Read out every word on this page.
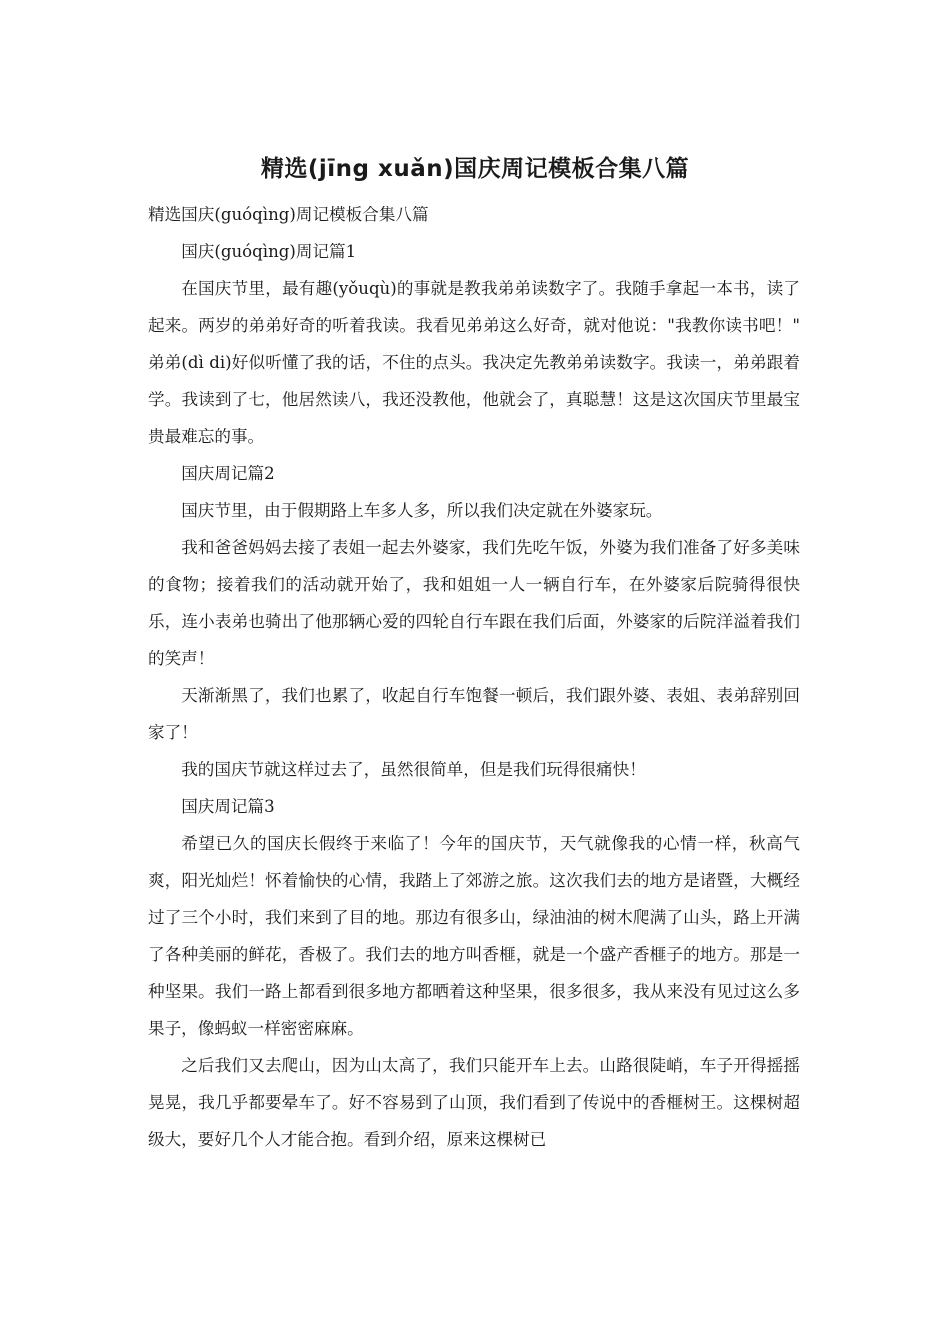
精选(jīng xuǎn)国庆周记模板合集八篇

精选国庆(guóqìng)周记模板合集八篇

国庆(guóqìng)周记篇1

在国庆节里，最有趣(yǒuqù)的事就是教我弟弟读数字了。我随手拿起一本书，读了起来。两岁的弟弟好奇的听着我读。我看见弟弟这么好奇，就对他说："我教你读书吧！" 弟弟(dì di)好似听懂了我的话，不住的点头。我决定先教弟弟读数字。我读一，弟弟跟着学。我读到了七，他居然读八，我还没教他，他就会了，真聪慧！这是这次国庆节里最宝贵最难忘的事。

国庆周记篇2

国庆节里，由于假期路上车多人多，所以我们决定就在外婆家玩。

我和爸爸妈妈去接了表姐一起去外婆家，我们先吃午饭，外婆为我们准备了好多美味的食物；接着我们的活动就开始了，我和姐姐一人一辆自行车，在外婆家后院骑得很快乐，连小表弟也骑出了他那辆心爱的四轮自行车跟在我们后面，外婆家的后院洋溢着我们的笑声！

天渐渐黑了，我们也累了，收起自行车饱餐一顿后，我们跟外婆、表姐、表弟辞别回家了！

我的国庆节就这样过去了，虽然很简单，但是我们玩得很痛快！

国庆周记篇3

希望已久的国庆长假终于来临了！今年的国庆节，天气就像我的心情一样，秋高气爽，阳光灿烂！怀着愉快的心情，我踏上了郊游之旅。这次我们去的地方是诸暨，大概经过了三个小时，我们来到了目的地。那边有很多山，绿油油的树木爬满了山头，路上开满了各种美丽的鲜花，香极了。我们去的地方叫香榧，就是一个盛产香榧子的地方。那是一种坚果。我们一路上都看到很多地方都晒着这种坚果，很多很多，我从来没有见过这么多果子，像蚂蚁一样密密麻麻。

之后我们又去爬山，因为山太高了，我们只能开车上去。山路很陡峭，车子开得摇摇晃晃，我几乎都要晕车了。好不容易到了山顶，我们看到了传说中的香榧树王。这棵树超级大，要好几个人才能合抱。看到介绍，原来这棵树已
